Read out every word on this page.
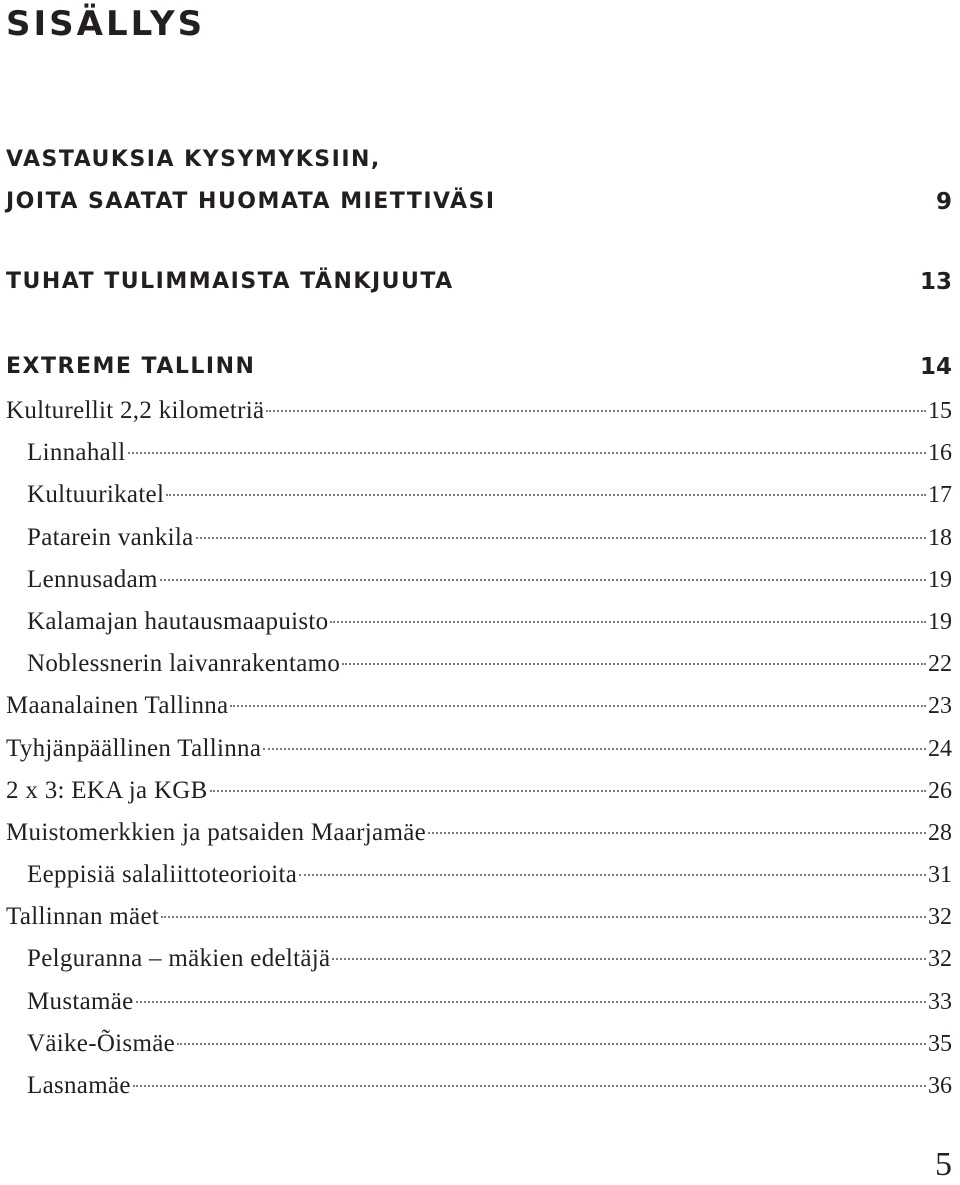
SISÄLLYS
VASTAUKSIA KYSYMYKSIIN,
JOITA SAATAT HUOMATA MIETTIVÄSI	9
TUHAT TULIMMAISTA TÄNKJUUTA	13
EXTREME TALLINN	14
Kulturellit 2,2 kilometriä	15
Linnahall	16
Kultuurikatel	17
Patarein vankila	18
Lennusadam	19
Kalamajan hautausmaapuisto	19
Noblessnerin laivanrakentamo	22
Maanalainen Tallinna	23
Tyhjänpäällinen Tallinna	24
2 x 3: EKA ja KGB	26
Muistomerkkien ja patsaiden Maarjamäe	28
Eeppisiä salaliittoteorioita	31
Tallinnan mäet	32
Pelguranna – mäkien edeltäjä	32
Mustamäe	33
Väike-Õismäe	35
Lasnamäe	36
5
